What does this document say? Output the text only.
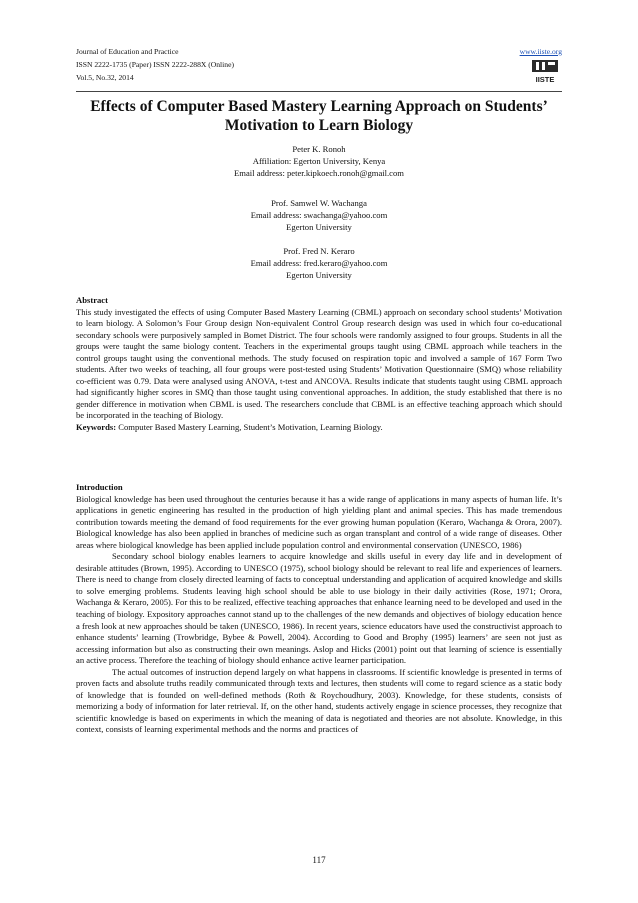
Journal of Education and Practice
ISSN 2222-1735 (Paper) ISSN 2222-288X (Online)
Vol.5, No.32, 2014
www.iiste.org
IISTE
Effects of Computer Based Mastery Learning Approach on Students’ Motivation to Learn Biology
Peter K. Ronoh
Affiliation: Egerton University, Kenya
Email address: peter.kipkoech.ronoh@gmail.com
Prof. Samwel W. Wachanga
Email address: swachanga@yahoo.com
Egerton University
Prof. Fred N. Keraro
Email address: fred.keraro@yahoo.com
Egerton University

Abstract

This study investigated the effects of using Computer Based Mastery Learning (CBML) approach on secondary school students’ Motivation to learn biology. A Solomon’s Four Group design Non-equivalent Control Group research design was used in which four co-educational secondary schools were purposively sampled in Bomet District. The four schools were randomly assigned to four groups. Students in all the groups were taught the same biology content. Teachers in the experimental groups taught using CBML approach while teachers in the control groups taught using the conventional methods. The study focused on respiration topic and involved a sample of 167 Form Two students. After two weeks of teaching, all four groups were post-tested using Students’ Motivation Questionnaire (SMQ) whose reliability co-efficient was 0.79. Data were analysed using ANOVA, t-test and ANCOVA. Results indicate that students taught using CBML approach had significantly higher scores in SMQ than those taught using conventional approaches. In addition, the study established that there is no gender difference in motivation when CBML is used. The researchers conclude that CBML is an effective teaching approach which should be incorporated in the teaching of Biology.

Keywords: Computer Based Mastery Learning, Student’s Motivation, Learning Biology.

Introduction

Biological knowledge has been used throughout the centuries because it has a wide range of applications in many aspects of human life. It’s applications in genetic engineering has resulted in the production of high yielding plant and animal species. This has made tremendous contribution towards meeting the demand of food requirements for the ever growing human population (Keraro, Wachanga & Orora, 2007). Biological knowledge has also been applied in branches of medicine such as organ transplant and control of a wide range of diseases. Other areas where biological knowledge has been applied include population control and environmental conservation (UNESCO, 1986)

Secondary school biology enables learners to acquire knowledge and skills useful in every day life and in development of desirable attitudes (Brown, 1995). According to UNESCO (1975), school biology should be relevant to real life and experiences of learners. There is need to change from closely directed learning of facts to conceptual understanding and application of acquired knowledge and skills to solve emerging problems. Students leaving high school should be able to use biology in their daily activities (Rose, 1971; Orora, Wachanga & Keraro, 2005). For this to be realized, effective teaching approaches that enhance learning need to be developed and used in the teaching of biology. Expository approaches cannot stand up to the challenges of the new demands and objectives of biology education hence a fresh look at new approaches should be taken (UNESCO, 1986). In recent years, science educators have used the constructivist approach to enhance students’ learning (Trowbridge, Bybee & Powell, 2004). According to Good and Brophy (1995) learners’ are seen not just as accessing information but also as constructing their own meanings. Aslop and Hicks (2001) point out that learning of science is essentially an active process. Therefore the teaching of biology should enhance active learner participation.

The actual outcomes of instruction depend largely on what happens in classrooms. If scientific knowledge is presented in terms of proven facts and absolute truths readily communicated through texts and lectures, then students will come to regard science as a static body of knowledge that is founded on well-defined methods (Roth & Roychoudhury, 2003). Knowledge, for these students, consists of memorizing a body of information for later retrieval. If, on the other hand, students actively engage in science processes, they recognize that scientific knowledge is based on experiments in which the meaning of data is negotiated and theories are not absolute. Knowledge, in this context, consists of learning experimental methods and the norms and practices of

117
